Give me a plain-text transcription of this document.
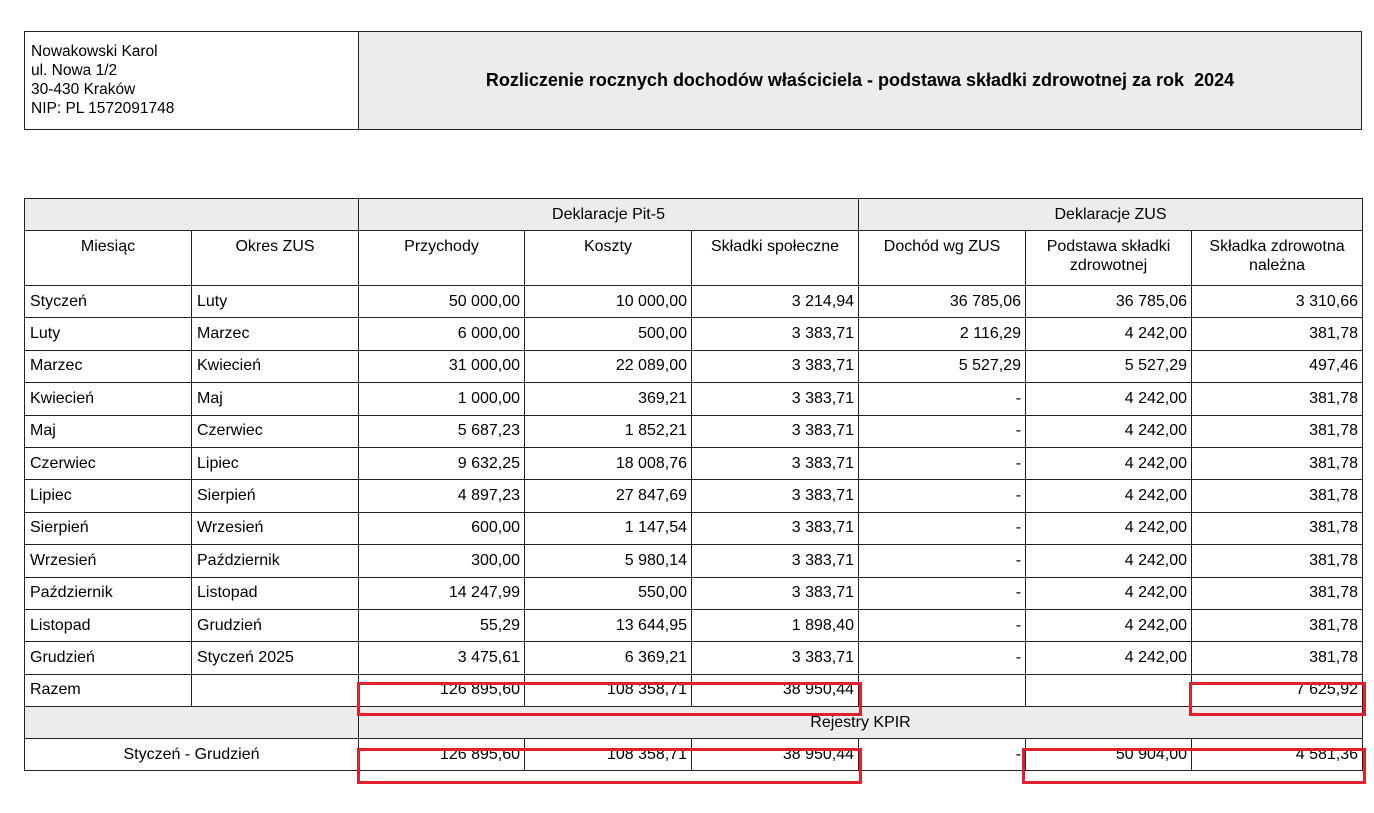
Nowakowski Karol
ul. Nowa 1/2
30-430 Kraków
NIP: PL 1572091748
Rozliczenie rocznych dochodów właściciela - podstawa składki zdrowotnej za rok 2024
		Deklaracje Pit-5			Deklaracje ZUS		
Miesiąc	Okres ZUS	Przychody	Koszty	Składki społeczne	Dochód wg ZUS	Podstawa składki zdrowotnej	Składka zdrowotna należna
Styczeń	Luty	50 000,00	10 000,00	3 214,94	36 785,06	36 785,06	3 310,66
Luty	Marzec	6 000,00	500,00	3 383,71	2 116,29	4 242,00	381,78
Marzec	Kwiecień	31 000,00	22 089,00	3 383,71	5 527,29	5 527,29	497,46
Kwiecień	Maj	1 000,00	369,21	3 383,71	-	4 242,00	381,78
Maj	Czerwiec	5 687,23	1 852,21	3 383,71	-	4 242,00	381,78
Czerwiec	Lipiec	9 632,25	18 008,76	3 383,71	-	4 242,00	381,78
Lipiec	Sierpień	4 897,23	27 847,69	3 383,71	-	4 242,00	381,78
Sierpień	Wrzesień	600,00	1 147,54	3 383,71	-	4 242,00	381,78
Wrzesień	Październik	300,00	5 980,14	3 383,71	-	4 242,00	381,78
Październik	Listopad	14 247,99	550,00	3 383,71	-	4 242,00	381,78
Listopad	Grudzień	55,29	13 644,95	1 898,40	-	4 242,00	381,78
Grudzień	Styczeń 2025	3 475,61	6 369,21	3 383,71	-	4 242,00	381,78
Razem		126 895,60	108 358,71	38 950,44			7 625,92
		Rejestry KPIR					
Styczeń - Grudzień		126 895,60	108 358,71	38 950,44	-	50 904,00	4 581,36
